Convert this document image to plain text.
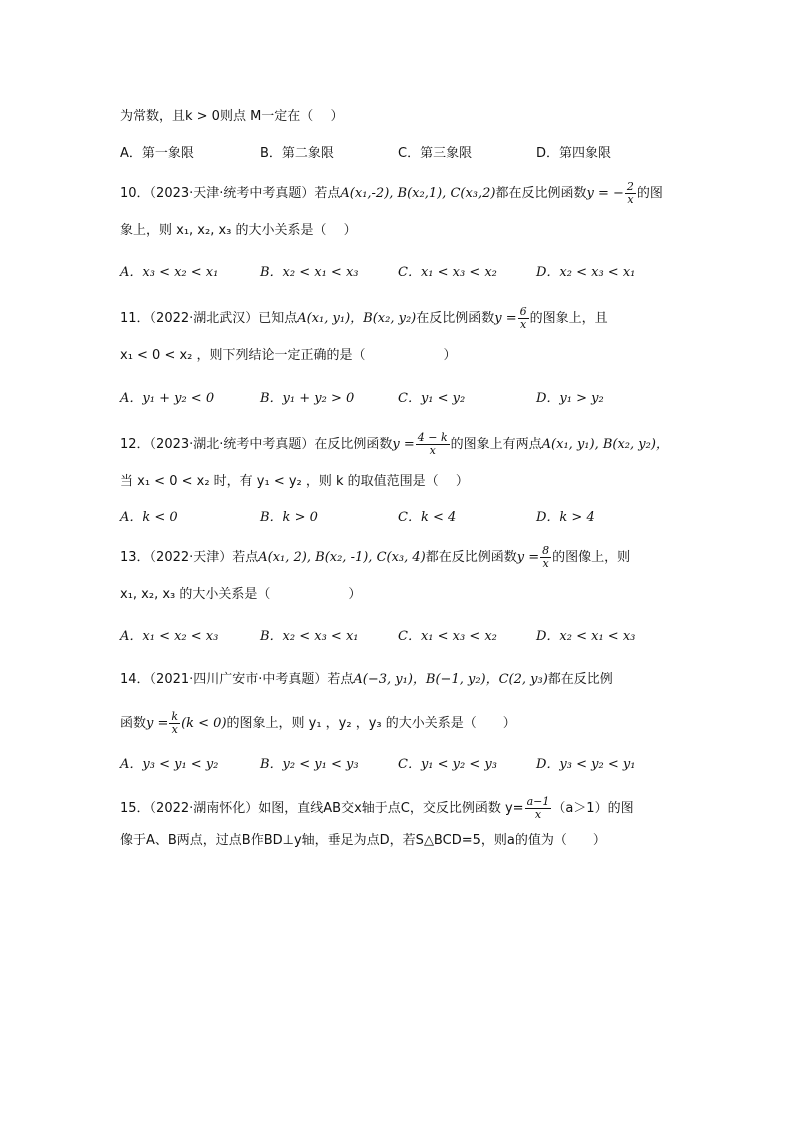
为常数，且k > 0则点 M一定在（　 ）
A．第一象限	B．第二象限	C．第三象限	D．第四象限
10．（2023·天津·统考中考真题）若点A(x₁,-2), B(x₂,1), C(x₃,2)都在反比例函数y = − $\frac{2}{x}$ 的图
象上，则 x₁, x₂, x₃ 的大小关系是（　 ）
A．x₃ < x₂ < x₁	B．x₂ < x₁ < x₃	C．x₁ < x₃ < x₂	D．x₂ < x₃ < x₁
11．（2022·湖北武汉）已知点A(x₁, y₁)，B(x₂, y₂)在反比例函数$y = \frac{6}{x}$ 的图象上，且
x₁ < 0 < x₂ ，则下列结论一定正确的是（　　　　　　）
A．y₁ + y₂ < 0	B．y₁ + y₂ > 0	C．y₁ < y₂	D．y₁ > y₂
12．（2023·湖北·统考中考真题）在反比例函数$y = \frac{4 - k}{x}$ 的图象上有两点A(x₁, y₁), B(x₂, y₂)，
当 x₁ < 0 < x₂ 时，有 y₁ < y₂ ，则 k 的取值范围是（　 ）
A．k < 0	B．k > 0	C．k < 4	D．k > 4
13．（2022·天津）若点A(x₁, 2), B(x₂, -1), C(x₃, 4)都在反比例函数$y = \frac{8}{x}$ 的图像上，则
x₁, x₂, x₃ 的大小关系是（　　　　　　）
A．x₁ < x₂ < x₃	B．x₂ < x₃ < x₁	C．x₁ < x₃ < x₂	D．x₂ < x₁ < x₃
14．（2021·四川广安市·中考真题）若点A(−3, y₁)，B(−1, y₂)，C(2, y₃)都在反比例
函数$y = \frac{k}{x} (k < 0)$的图象上，则 y₁ ，y₂ ，y₃ 的大小关系是（　　）
A．y₃ < y₁ < y₂	B．y₂ < y₁ < y₃	C．y₁ < y₂ < y₃	D．y₃ < y₂ < y₁
15．（2022·湖南怀化）如图，直线AB交x轴于点C，交反比例函数 $y= \frac{a-1}{x} (a>1)$的图
像于A、B两点，过点B作BD⊥y轴，垂足为点D，若S△BCD=5，则a的值为（　　）
